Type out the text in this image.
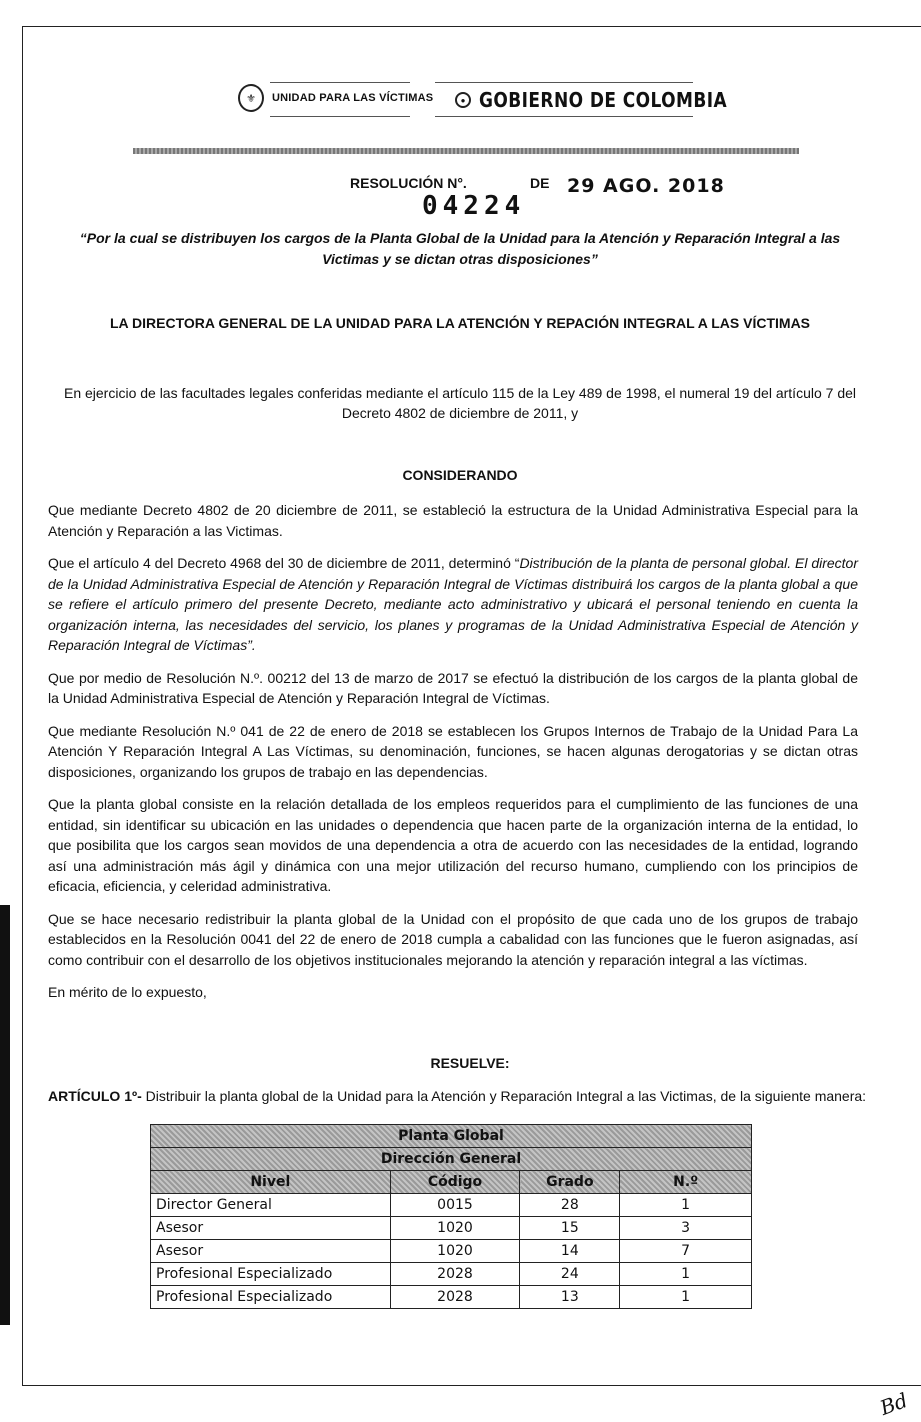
⚜	UNIDAD PARA LAS VÍCTIMAS	● GOBIERNO DE COLOMBIA
RESOLUCIÓN N°.
04224
DE 29 AGO. 2018
“Por la cual se distribuyen los cargos de la Planta Global de la Unidad para la Atención y Reparación Integral a las
Victimas y se dictan otras disposiciones”
LA DIRECTORA GENERAL DE LA UNIDAD PARA LA ATENCIÓN Y REPACIÓN INTEGRAL A LAS VÍCTIMAS
En ejercicio de las facultades legales conferidas mediante el artículo 115 de la Ley 489 de 1998, el numeral 19 del artículo 7 del
Decreto 4802 de diciembre de 2011, y
CONSIDERANDO

Que mediante Decreto 4802 de 20 diciembre de 2011, se estableció la estructura de la Unidad Administrativa Especial para la Atención y Reparación a las Victimas.

Que el artículo 4 del Decreto 4968 del 30 de diciembre de 2011, determinó “Distribución de la planta de personal global. El director de la Unidad Administrativa Especial de Atención y Reparación Integral de Víctimas distribuirá los cargos de la planta global a que se refiere el artículo primero del presente Decreto, mediante acto administrativo y ubicará el personal teniendo en cuenta la organización interna, las necesidades del servicio, los planes y programas de la Unidad Administrativa Especial de Atención y Reparación Integral de Víctimas”.

Que por medio de Resolución N.º. 00212 del 13 de marzo de 2017 se efectuó la distribución de los cargos de la planta global de la Unidad Administrativa Especial de Atención y Reparación Integral de Víctimas.

Que mediante Resolución N.º 041 de 22 de enero de 2018 se establecen los Grupos Internos de Trabajo de la Unidad Para La Atención Y Reparación Integral A Las Víctimas, su denominación, funciones, se hacen algunas derogatorias y se dictan otras disposiciones, organizando los grupos de trabajo en las dependencias.

Que la planta global consiste en la relación detallada de los empleos requeridos para el cumplimiento de las funciones de una entidad, sin identificar su ubicación en las unidades o dependencia que hacen parte de la organización interna de la entidad, lo que posibilita que los cargos sean movidos de una dependencia a otra de acuerdo con las necesidades de la entidad, logrando así una administración más ágil y dinámica con una mejor utilización del recurso humano, cumpliendo con los principios de eficacia, eficiencia, y celeridad administrativa.

Que se hace necesario redistribuir la planta global de la Unidad con el propósito de que cada uno de los grupos de trabajo establecidos en la Resolución 0041 del 22 de enero de 2018 cumpla a cabalidad con las funciones que le fueron asignadas, así como contribuir con el desarrollo de los objetivos institucionales mejorando la atención y reparación integral a las víctimas.

En mérito de lo expuesto,

RESUELVE:
ARTÍCULO 1º- Distribuir la planta global de la Unidad para la Atención y Reparación Integral a las Victimas, de la siguiente manera:
Planta Global			
Dirección General			
Nivel	Código	Grado	N.º
Director General	0015	28	1
Asesor	1020	15	3
Asesor	1020	14	7
Profesional Especializado	2028	24	1
Profesional Especializado	2028	13	1
Bd
